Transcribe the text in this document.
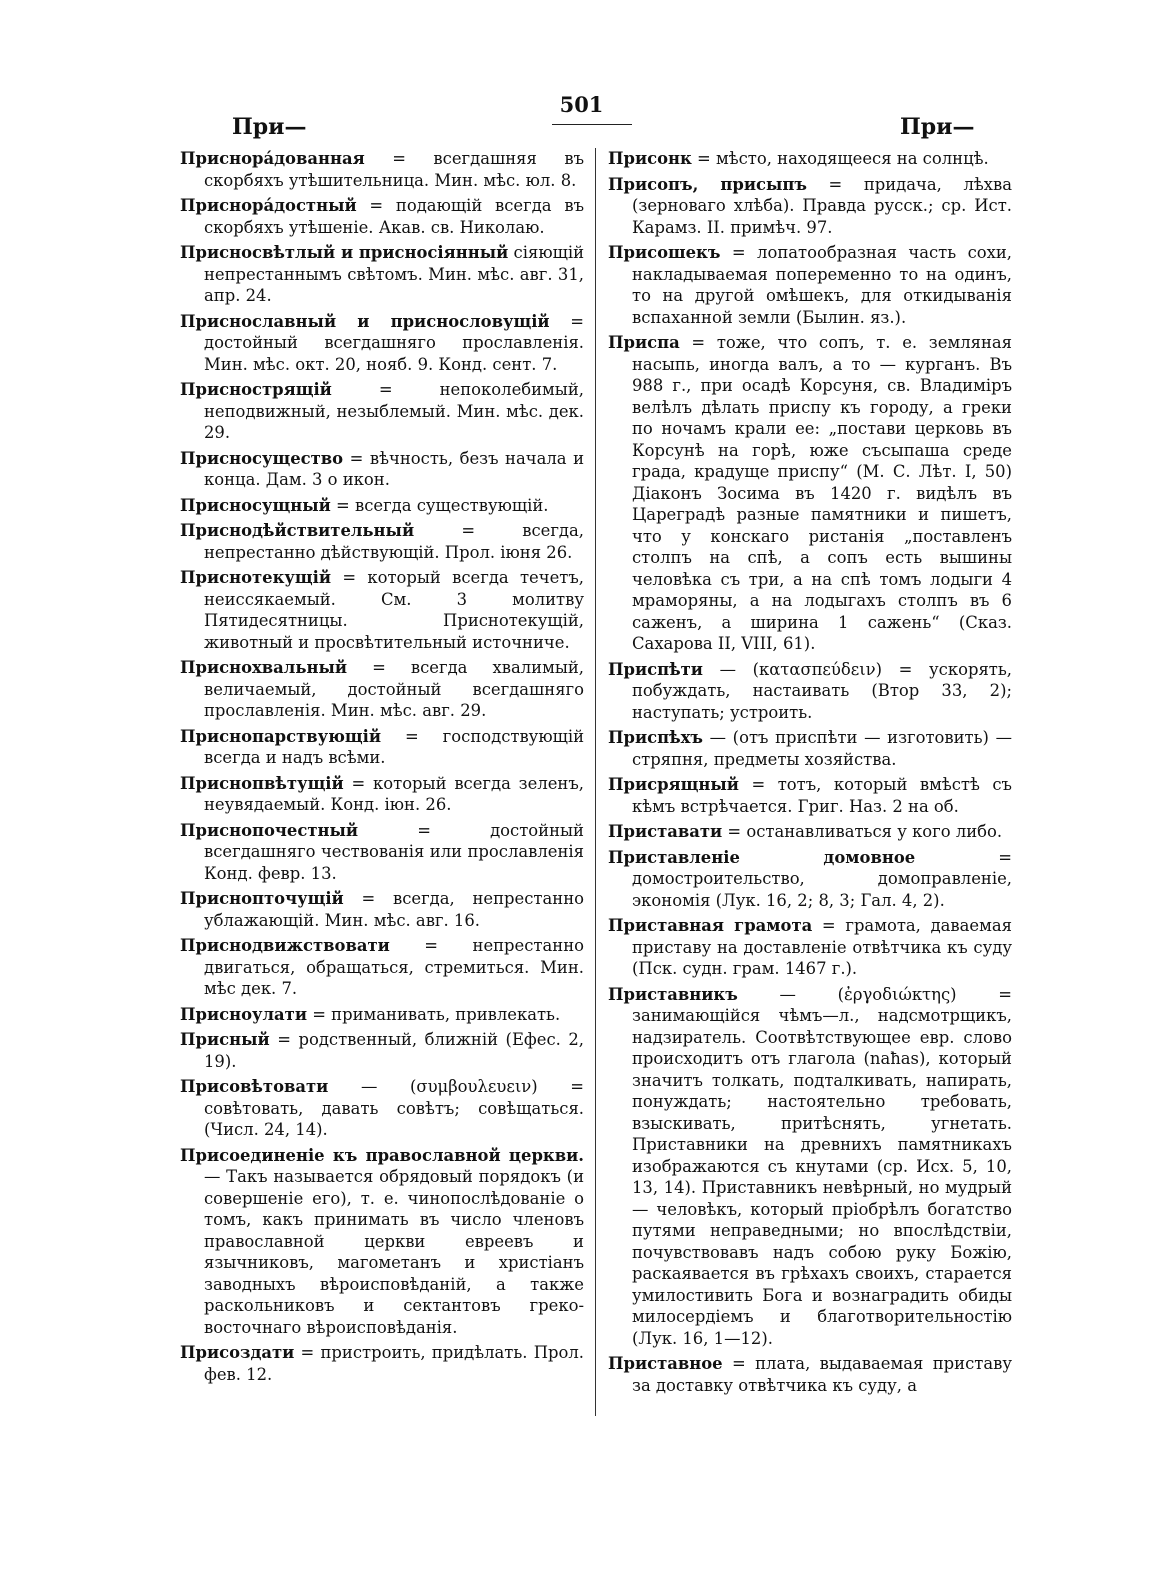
501
При—	При—

Приснора́дованная = всегдашняя въ скорбяхъ утѣшительница. Мин. мѣс. юл. 8.

Приснора́достный = подающій всегда въ скорбяхъ утѣшеніе. Акав. св. Николаю.

Присносвѣтлый и присносіянный сіяющій непрестаннымъ свѣтомъ. Мин. мѣс. авг. 31, апр. 24.

Приснославный и приснословущій = достойный всегдашняго прославленія. Мин. мѣс. окт. 20, нояб. 9. Конд. сент. 7.

Приснострящій = непоколебимый, неподвижный, незыблемый. Мин. мѣс. дек. 29.

Приснос​ущество = вѣчность, безъ начала и конца. Дам. 3 о икон.

Приснос​ущный = всегда существующій.

Приснодѣйствительный = всегда, непрестанно дѣйствующій. Прол. іюня 26.

Приснотекущій = который всегда течетъ, неиссякаемый. См. 3 молитву Пятидесятницы. Приснотекущій, животный и просвѣтительный источниче.

Приснохвальный = всегда хвалимый, величаемый, достойный всегдашняго прославленія. Мин. мѣс. авг. 29.

Приснопарствующій = господствующій всегда и надъ всѣми.

Приснопвѣтущій = который всегда зеленъ, неувядаемый. Конд. іюн. 26.

Приснопочестный = достойный всегдашняго чествованія или прославленія Конд. февр. 13.

Приснопточущій = всегда, непрестанно ублажающій. Мин. мѣс. авг. 16.

Приснодвижствовати = непрестанно двигаться, обращаться, стремиться. Мин. мѣс дек. 7.

Присно​улати = приманивать, привлекать.

Присный = родственный, ближній (Ефес. 2, 19).

Присовѣтовати — (συμβουλευειν) = совѣтовать, давать совѣтъ; совѣщаться. (Числ. 24, 14).

Присоединеніе къ православной церкви. — Такъ называется обрядовый порядокъ (и совершеніе его), т. е. чинопослѣдованіе о томъ, какъ принимать въ число членовъ православной церкви евреевъ и язычниковъ, магометанъ и христіанъ заводныхъ вѣроисповѣданій, а также раскольниковъ и сектантовъ греко-восточнаго вѣроисповѣданія.

Присоздати = пристроить, придѣлать. Прол. фев. 12.

Присонк = мѣсто, находящееся на солнцѣ.

Присопъ, присыпъ = придача, лѣхва (зерноваго хлѣба). Правда русск.; ср. Ист. Карамз. II. примѣч. 97.

Присошекъ = лопатообразная часть сохи, накладываемая попеременно то на одинъ, то на другой омѣшекъ, для откидыванія вспаханной земли (Былин. яз.).

Приспа = тоже, что сопъ, т. е. земляная насыпь, иногда валъ, а то — курганъ. Въ 988 г., при осадѣ Корсуня, св. Владиміръ велѣлъ дѣлать приспу къ городу, а греки по ночамъ крали ее: „постави церковь въ Корсунѣ на горѣ, юже съсыпаша среде града, крадуще приспу“ (М. С. Лѣт. I, 50) Діаконъ Зосима въ 1420 г. видѣлъ въ Цареградѣ разные памятники и пишетъ, что у конскаго ристанія „поставленъ столпъ на спѣ, а сопъ есть вышины человѣка съ три, а на спѣ томъ лодыги 4 мраморяны, а на лодыгахъ столпъ въ 6 саженъ, а ширина 1 сажень“ (Сказ. Сахарова II, VIII, 61).

Приспѣти — (κατασπεύδειν) = ускорять, побуждать, настаивать (Втор 33, 2); наступать; устроить.

Приспѣхъ — (отъ приспѣти — изготовить) — стряпня, предметы хозяйства.

Присрящный = тотъ, который вмѣстѣ съ кѣмъ встрѣчается. Григ. Наз. 2 на об.

Приставати = останавливаться у кого либо.

Приставленіе домовное = домостроительство, домоправленіе, экономія (Лук. 16, 2; 8, 3; Гал. 4, 2).

Приставная грамота = грамота, даваемая приставу на доставленіе отвѣтчика къ суду (Пск. судн. грам. 1467 г.).

Приставникъ — (ἐργοδιώκτης) = занимающійся чѣмъ—л., надсмотрщикъ, надзиратель. Соотвѣтствующее евр. слово происходитъ отъ глагола (naħas), который значитъ толкать, подталкивать, напирать, понуждать; настоятельно требовать, взыскивать, притѣснять, угнетать. Приставники на древнихъ памятникахъ изображаются съ кнутами (ср. Исх. 5, 10, 13, 14). Приставникъ невѣрный, но мудрый — человѣкъ, который пріобрѣлъ богатство путями неправедными; но впослѣдствіи, почувствовавъ надъ собою руку Божію, раскаявается въ грѣхахъ своихъ, старается умилостивить Бога и вознаградить обиды милосердіемъ и благотворительностію (Лук. 16, 1—12).

Приставное = плата, выдаваемая приставу за доставку отвѣтчика къ суду, а
